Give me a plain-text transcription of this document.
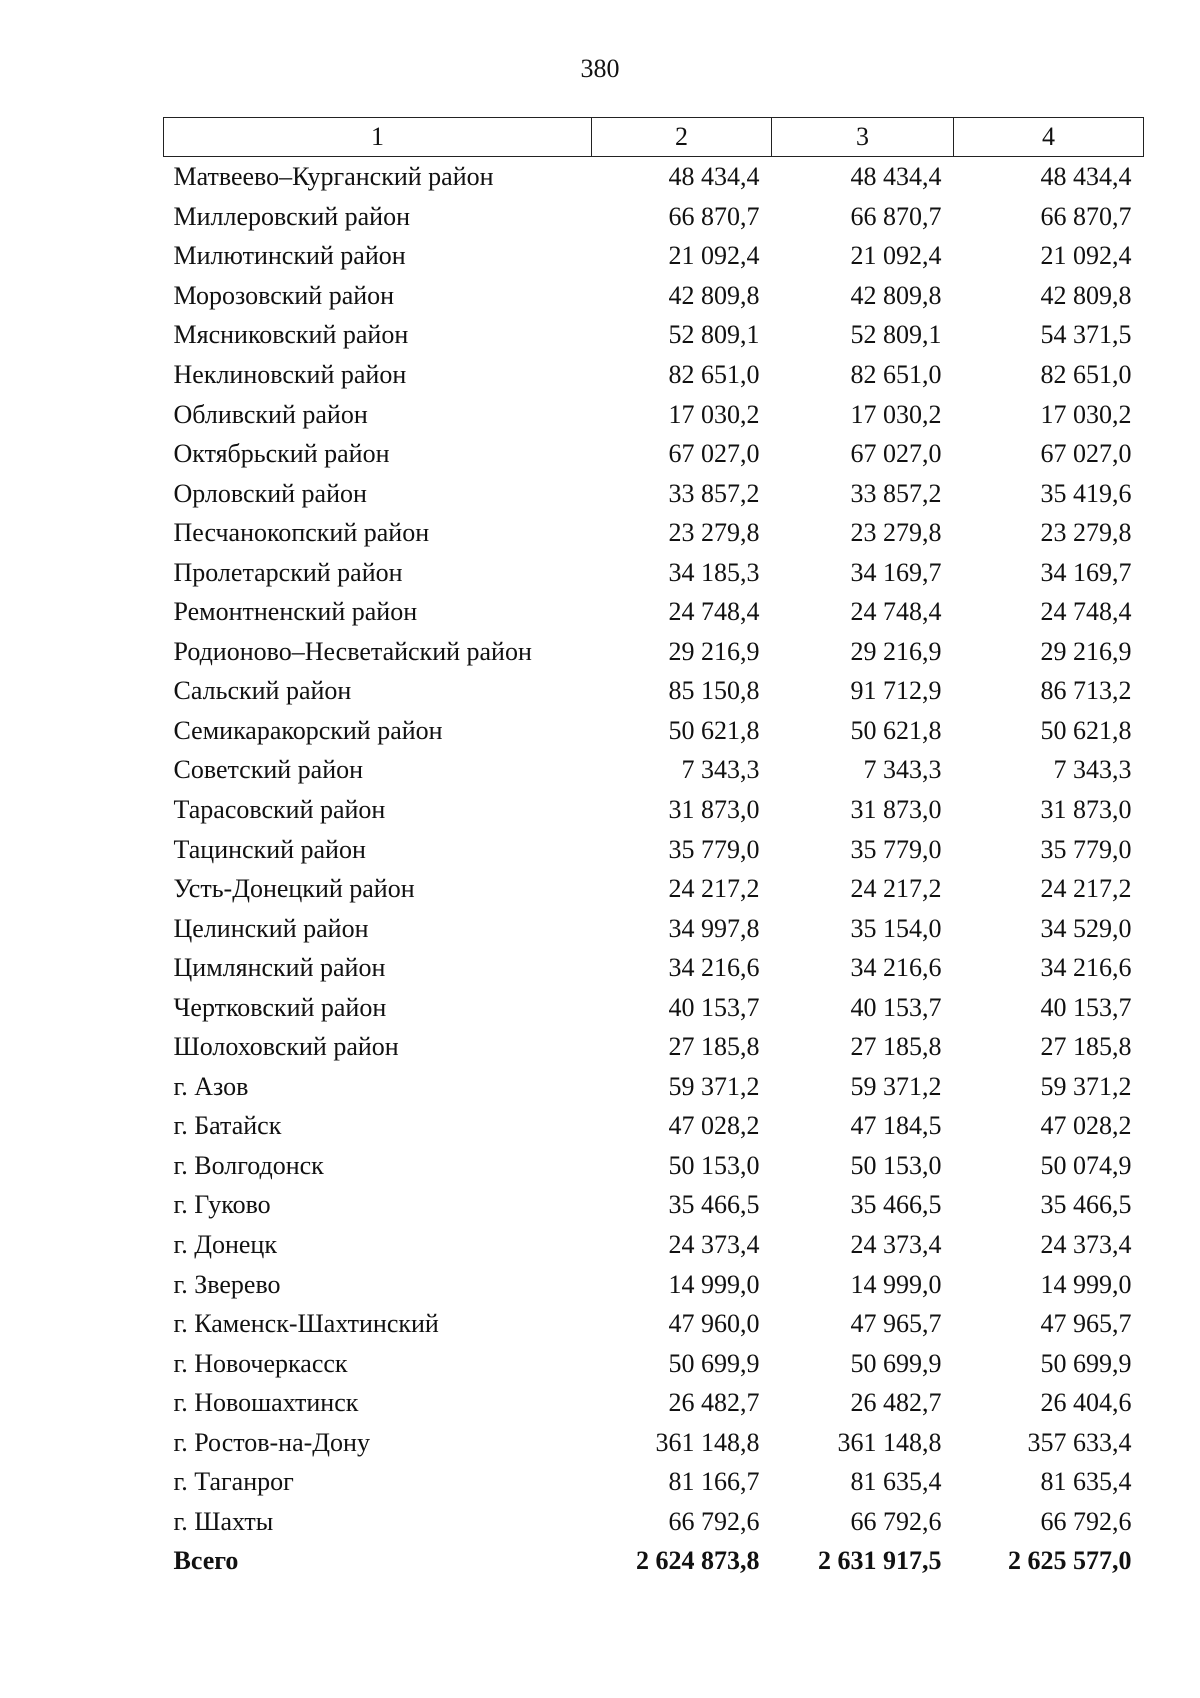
380
1	2	3	4
Матвеево–Курганский район	48 434,4	48 434,4	48 434,4
Миллеровский район	66 870,7	66 870,7	66 870,7
Милютинский район	21 092,4	21 092,4	21 092,4
Морозовский район	42 809,8	42 809,8	42 809,8
Мясниковский район	52 809,1	52 809,1	54 371,5
Неклиновский район	82 651,0	82 651,0	82 651,0
Обливский район	17 030,2	17 030,2	17 030,2
Октябрьский район	67 027,0	67 027,0	67 027,0
Орловский район	33 857,2	33 857,2	35 419,6
Песчанокопский район	23 279,8	23 279,8	23 279,8
Пролетарский район	34 185,3	34 169,7	34 169,7
Ремонтненский район	24 748,4	24 748,4	24 748,4
Родионово–Несветайский район	29 216,9	29 216,9	29 216,9
Сальский район	85 150,8	91 712,9	86 713,2
Семикаракорский район	50 621,8	50 621,8	50 621,8
Советский район	7 343,3	7 343,3	7 343,3
Тарасовский район	31 873,0	31 873,0	31 873,0
Тацинский район	35 779,0	35 779,0	35 779,0
Усть-Донецкий район	24 217,2	24 217,2	24 217,2
Целинский район	34 997,8	35 154,0	34 529,0
Цимлянский район	34 216,6	34 216,6	34 216,6
Чертковский район	40 153,7	40 153,7	40 153,7
Шолоховский район	27 185,8	27 185,8	27 185,8
г. Азов	59 371,2	59 371,2	59 371,2
г. Батайск	47 028,2	47 184,5	47 028,2
г. Волгодонск	50 153,0	50 153,0	50 074,9
г. Гуково	35 466,5	35 466,5	35 466,5
г. Донецк	24 373,4	24 373,4	24 373,4
г. Зверево	14 999,0	14 999,0	14 999,0
г. Каменск-Шахтинский	47 960,0	47 965,7	47 965,7
г. Новочеркасск	50 699,9	50 699,9	50 699,9
г. Новошахтинск	26 482,7	26 482,7	26 404,6
г. Ростов-на-Дону	361 148,8	361 148,8	357 633,4
г. Таганрог	81 166,7	81 635,4	81 635,4
г. Шахты	66 792,6	66 792,6	66 792,6
Всего	2 624 873,8	2 631 917,5	2 625 577,0
